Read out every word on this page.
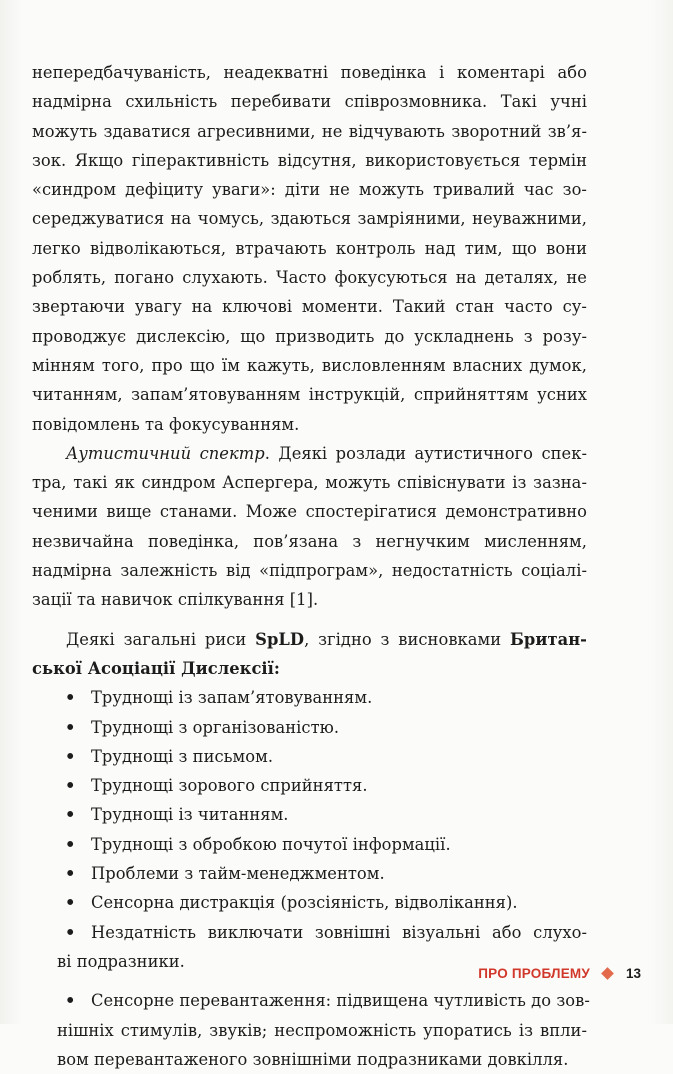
непередбачуваність, неадекватні поведінка і коментарі або
надмірна схильність перебивати співрозмовника. Такі учні
можуть здаватися агресивними, не відчувають зворотний зв’я-
зок. Якщо гіперактивність відсутня, використовується термін
«синдром дефіциту уваги»: діти не можуть тривалий час зо-
середжуватися на чомусь, здаються замріяними, неуважними,
легко відволікаються, втрачають контроль над тим, що вони
роблять, погано слухають. Часто фокусуються на деталях, не
звертаючи увагу на ключові моменти. Такий стан часто су-
проводжує дислексію, що призводить до ускладнень з розу-
мінням того, про що їм кажуть, висловленням власних думок,
читанням, запам’ятовуванням інструкцій, сприйняттям усних
повідомлень та фокусуванням.
Аутистичний спектр. Деякі розлади аутистичного спек-
тра, такі як синдром Аспергера, можуть співіснувати із зазна-
ченими вище станами. Може спостерігатися демонстративно
незвичайна поведінка, пов’язана з негнучким мисленням,
надмірна залежність від «підпрограм», недостатність соціалі-
зації та навичок спілкування [1].
Деякі загальні риси SpLD, згідно з висновками Британ-
ської Асоціації Дислексії:
• Труднощі із запам’ятовуванням.
• Труднощі з організованістю.
• Труднощі з письмом.
• Труднощі зорового сприйняття.
• Труднощі із читанням.
• Труднощі з обробкою почутої інформації.
• Проблеми з тайм-менеджментом.
• Сенсорна дистракція (розсіяність, відволікання).
• Нездатність виключати зовнішні візуальні або слухо-
ві подразники.
• Сенсорне перевантаження: підвищена чутливість до зов-
нішніх стимулів, звуків; неспроможність упоратись із впли-
вом перевантаженого зовнішніми подразниками довкілля.
ПРО ПРОБЛЕМУ	13
